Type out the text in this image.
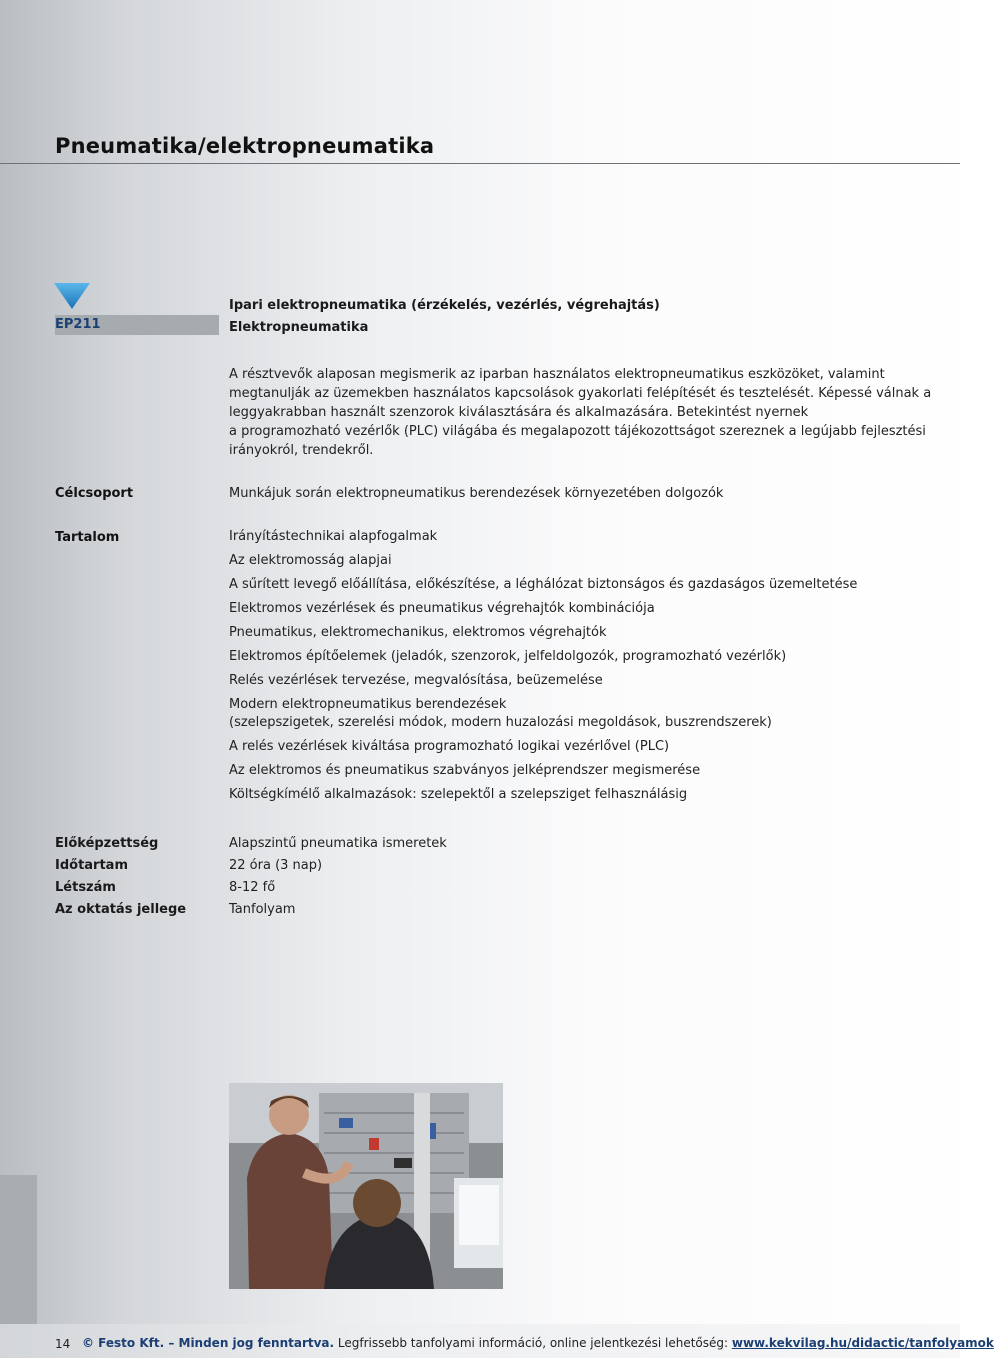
Pneumatika/elektropneumatika
EP211
Ipari elektropneumatika (érzékelés, vezérlés, végrehajtás)
Elektropneumatika
A résztvevők alaposan megismerik az iparban használatos elektropneumatikus eszközöket, valamint
megtanulják az üzemekben használatos kapcsolások gyakorlati felépítését és tesztelését. Képessé válnak a
leggyakrabban használt szenzorok kiválasztására és alkalmazására. Betekintést nyernek
a programozható vezérlők (PLC) világába és megalapozott tájékozottságot szereznek a legújabb fejlesztési
irányokról, trendekről.
Célcsoport	Munkájuk során elektropneumatikus berendezések környezetében dolgozók
Tartalom	Irányítástechnikai alapfogalmak
Az elektromosság alapjai
A sűrített levegő előállítása, előkészítése, a léghálózat biztonságos és gazdaságos üzemeltetése
Elektromos vezérlések és pneumatikus végrehajtók kombinációja
Pneumatikus, elektromechanikus, elektromos végrehajtók
Elektromos építőelemek (jeladók, szenzorok, jelfeldolgozók, programozható vezérlők)
Relés vezérlések tervezése, megvalósítása, beüzemelése
Modern elektropneumatikus berendezések
(szelepszigetek, szerelési módok, modern huzalozási megoldások, buszrendszerek)
A relés vezérlések kiváltása programozható logikai vezérlővel (PLC)
Az elektromos és pneumatikus szabványos jelképrendszer megismerése
Költségkímélő alkalmazások: szelepektől a szelepsziget felhasználásig
Előképzettség
Időtartam
Létszám
Az oktatás jellege
Alapszintű pneumatika ismeretek
22 óra (3 nap)
8-12 fő
Tanfolyam
14 © Festo Kft. – Minden jog fenntartva. Legfrissebb tanfolyami információ, online jelentkezési lehetőség: www.kekvilag.hu/didactic/tanfolyamok
